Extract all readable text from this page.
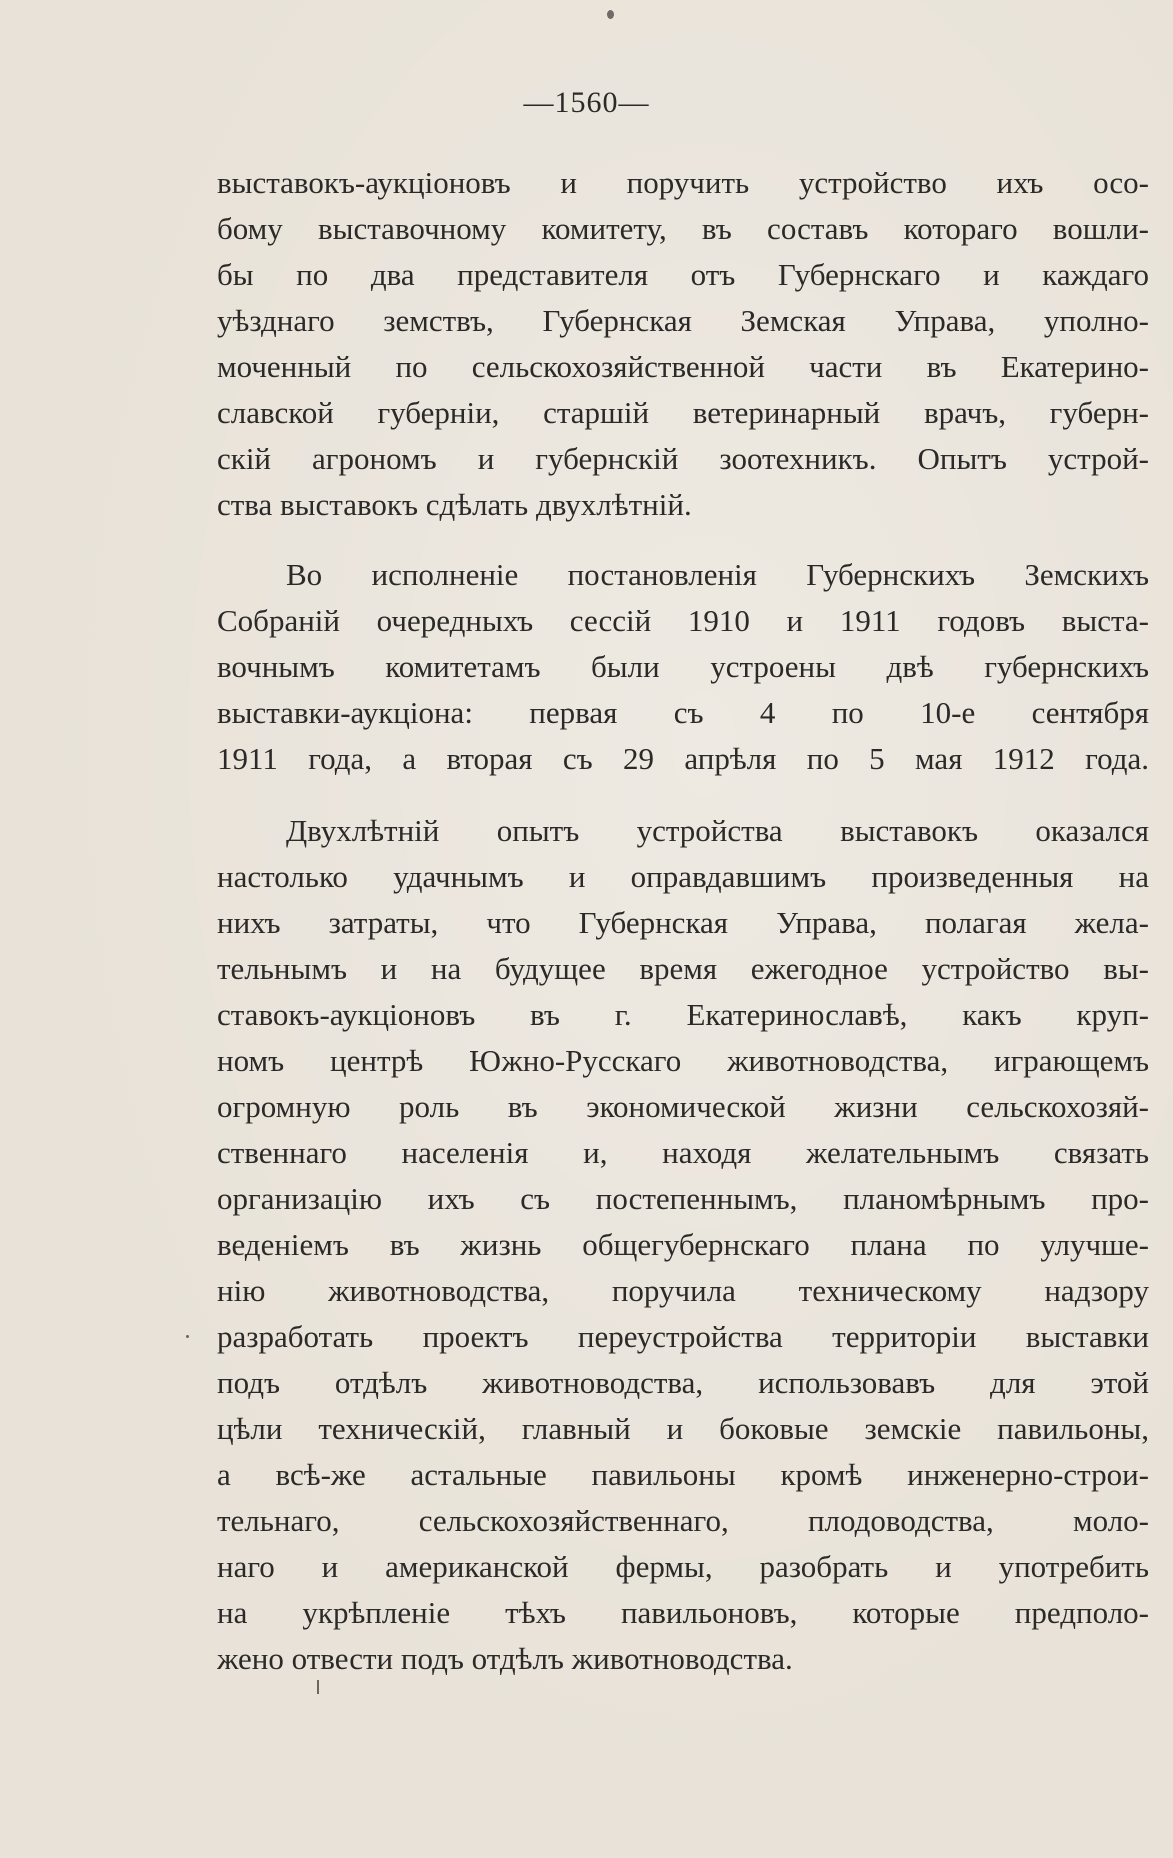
—1560—
выставокъ-аукціоновъ и поручить устройство ихъ осо-
бому выставочному комитету, въ составъ котораго вошли-
бы по два представителя отъ Губернскаго и каждаго
уѣзднаго земствъ, Губернская Земская Управа, уполно-
моченный по сельскохозяйственной части въ Екатерино-
славской губерніи, старшій ветеринарный врачъ, губерн-
скій агрономъ и губернскій зоотехникъ. Опытъ устрой-
ства выставокъ сдѣлать двухлѣтній.
Во исполненіе постановленія Губернскихъ Земскихъ
Собраній очередныхъ сессій 1910 и 1911 годовъ выста-
вочнымъ комитетамъ были устроены двѣ губернскихъ
выставки-аукціона: первая съ 4 по 10-е сентября
1911 года, а вторая съ 29 апрѣля по 5 мая 1912 года.
Двухлѣтній опытъ устройства выставокъ оказался
настолько удачнымъ и оправдавшимъ произведенныя на
нихъ затраты, что Губернская Управа, полагая жела-
тельнымъ и на будущее время ежегодное устройство вы-
ставокъ-аукціоновъ въ г. Екатеринославѣ, какъ круп-
номъ центрѣ Южно-Русскаго животноводства, играющемъ
огромную роль въ экономической жизни сельскохозяй-
ственнаго населенія и, находя желательнымъ связать
организацію ихъ съ постепеннымъ, планомѣрнымъ про-
веденіемъ въ жизнь общегубернскаго плана по улучше-
нію животноводства, поручила техническому надзору
разработать проектъ переустройства территоріи выставки
подъ отдѣлъ животноводства, использовавъ для этой
цѣли техническій, главный и боковые земскіе павильоны,
а всѣ-же астальные павильоны кромѣ инженерно-строи-
тельнаго, сельскохозяйственнаго, плодоводства, моло-
наго и американской фермы, разобрать и употребить
на укрѣпленіе тѣхъ павильоновъ, которые предполо-
жено отвести подъ отдѣлъ животноводства.
